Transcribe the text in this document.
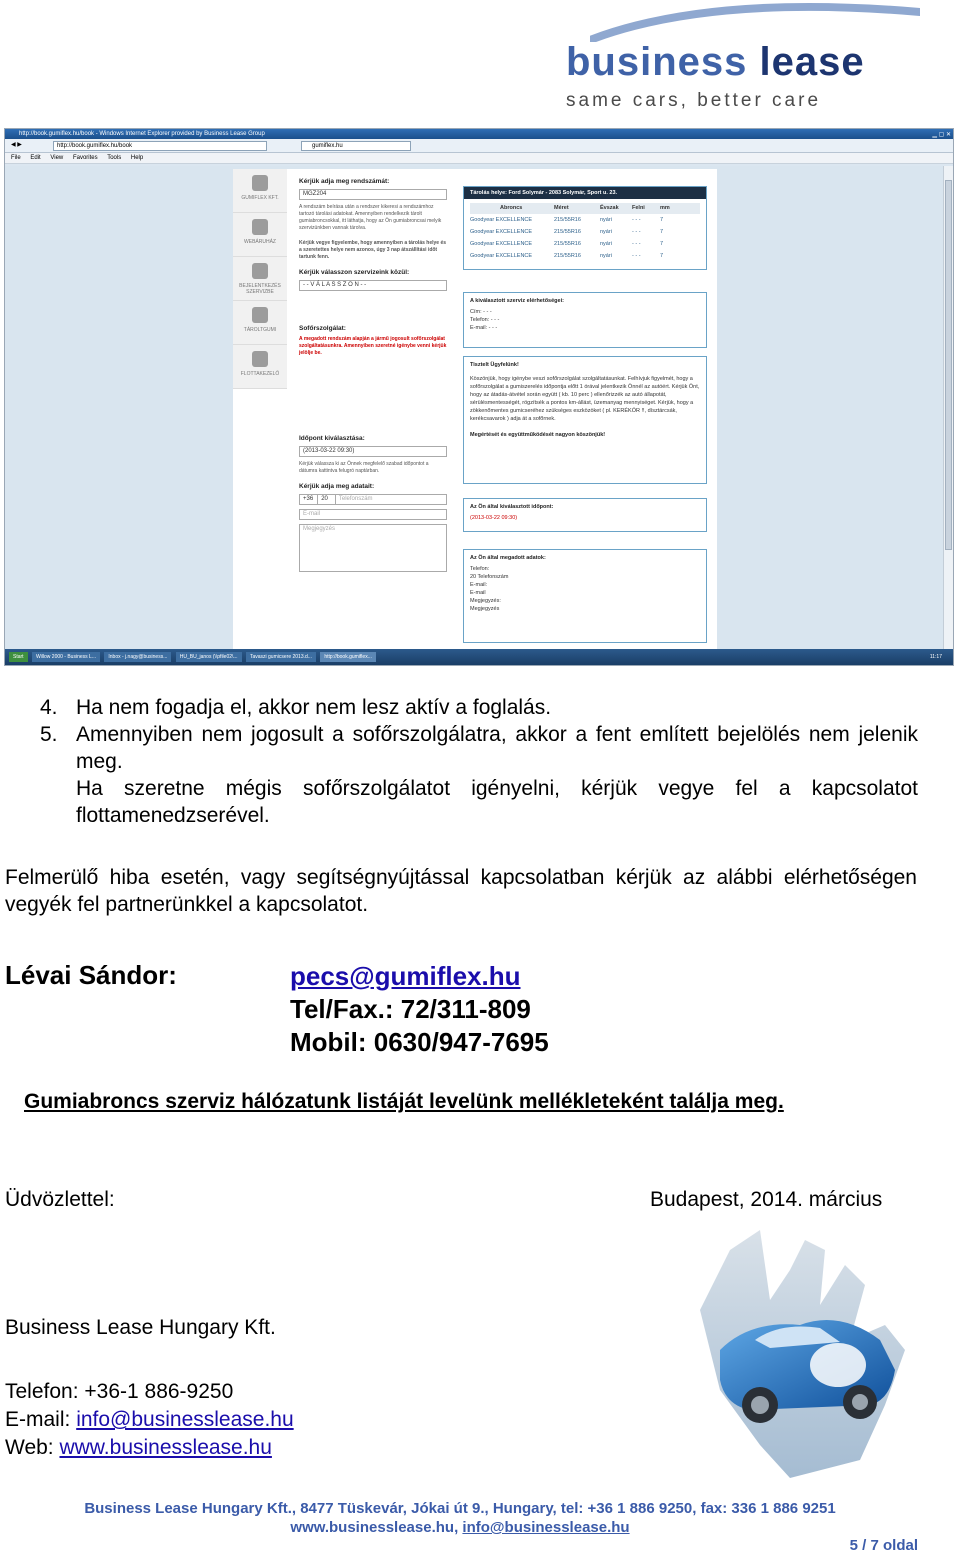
business lease
same cars, better care
http://book.gumiflex.hu/book - Windows Internet Explorer provided by Business Lease Group	▁ ▢ ✕
◀ ▶	http://book.gumiflex.hu/book	gumiflex.hu
File Edit View Favorites Tools Help
GUMIFLEX KFT.
WEBÁRUHÁZ
BEJELENTKEZÉS SZERVIZBE
TÁROLTGUMI
FLOTTAKEZELŐ
Kérjük adja meg rendszámát:
MGZ204
A rendszám beírása után a rendszer kikeresi a rendszámhoz tartozó tárolási adatokat. Amennyiben rendelkezik tárolt gumiabroncsokkal, itt láthatja, hogy az Ön gumiabroncsai melyik szervizünkben vannak tárolva.
Kérjük vegye figyelembe, hogy amennyiben a tárolás helye és a szeretettes helye nem azonos, úgy 3 nap átszállítási időt tartunk fenn.
Kérjük válasszon szervizeink közül:
- - V Á L A S S Z O N - -
Sofőrszolgálat:
A megadott rendszám alapján a jármű jogosult sofőrszolgálat szolgáltatásunkra. Amennyiben szeretné igénybe venni kérjük jelölje be.
Időpont kiválasztása:
(2013-03-22 09:30)
Kérjük válassza ki az Önnek megfelelő szabad időpontot a dátumra kattintva felugró naptárban.
Kérjük adja meg adatait:
+36	20	Telefonszám
E-mail
Megjegyzés
Tárolás helye: Ford Solymár - 2083 Solymár, Sport u. 23.
Abroncs	Méret	Évszak	Felni	mm
Goodyear EXCELLENCE	215/55R16	nyári	- - -	7
Goodyear EXCELLENCE	215/55R16	nyári	- - -	7
Goodyear EXCELLENCE	215/55R16	nyári	- - -	7
Goodyear EXCELLENCE	215/55R16	nyári	- - -	7
A kiválasztott szerviz elérhetőségei:
Cím: - - -
Telefon: - - -
E-mail: - - -
Tisztelt Ügyfelünk!
Köszönjük, hogy igénybe veszi sofőrszolgálat szolgáltatásunkat. Felhívjuk figyelmét, hogy a sofőrszolgálat a gumiszerelés időpontja előtt 1 órával jelentkezik Önnél az autóért. Kérjük Önt, hogy az átadás-átvétel során együtt ( kb. 10 perc ) ellenőrizzék az autó állapotát, sérülésmentességét, rögzítsék a pontos km-állást, üzemanyag mennyiséget. Kérjük, hogy a zökkenőmentes gumicseréhez szükséges eszközöket ( pl. KERÉKÖR !!, dísztárcsák, kerékcsavarok ) adja át a sofőrnek.
Megértését és együttműködését nagyon köszönjük!
Az Ön által kiválasztott időpont:
(2013-03-22 09:30)
Az Ön által megadott adatok:
Telefon:
20 Telefonszám
E-mail:
E-mail
Megjegyzés:
Megjegyzés
Start Willow 2000 - Business L... Inbox - j.nagy@business... HU_BU_janos (\\pfile02\... Tavaszi gumicsere 2013.d... http://book.gumiflex...	11:17
4. Ha nem fogadja el, akkor nem lesz aktív a foglalás.
5. Amennyiben nem jogosult a sofőrszolgálatra, akkor a fent említett bejelölés nem jelenik meg.
Ha szeretne mégis sofőrszolgálatot igényelni, kérjük vegye fel a kapcsolatot flottamenedzserével.
Felmerülő hiba esetén, vagy segítségnyújtással kapcsolatban kérjük az alábbi elérhetőségen vegyék fel partnerünkkel a kapcsolatot.
Lévai Sándor:	pecs@gumiflex.hu
Tel/Fax.: 72/311-809
Mobil: 0630/947-7695
Gumiabroncs szerviz hálózatunk listáját levelünk mellékleteként találja meg.
Üdvözlettel:	Budapest, 2014. március
Business Lease Hungary Kft.
Telefon: +36-1 886-9250
E-mail: info@businesslease.hu
Web: www.businesslease.hu
Business Lease Hungary Kft., 8477 Tüskevár, Jókai út 9., Hungary, tel: +36 1 886 9250, fax: 336 1 886 9251
www.businesslease.hu, info@businesslease.hu
5 / 7 oldal
